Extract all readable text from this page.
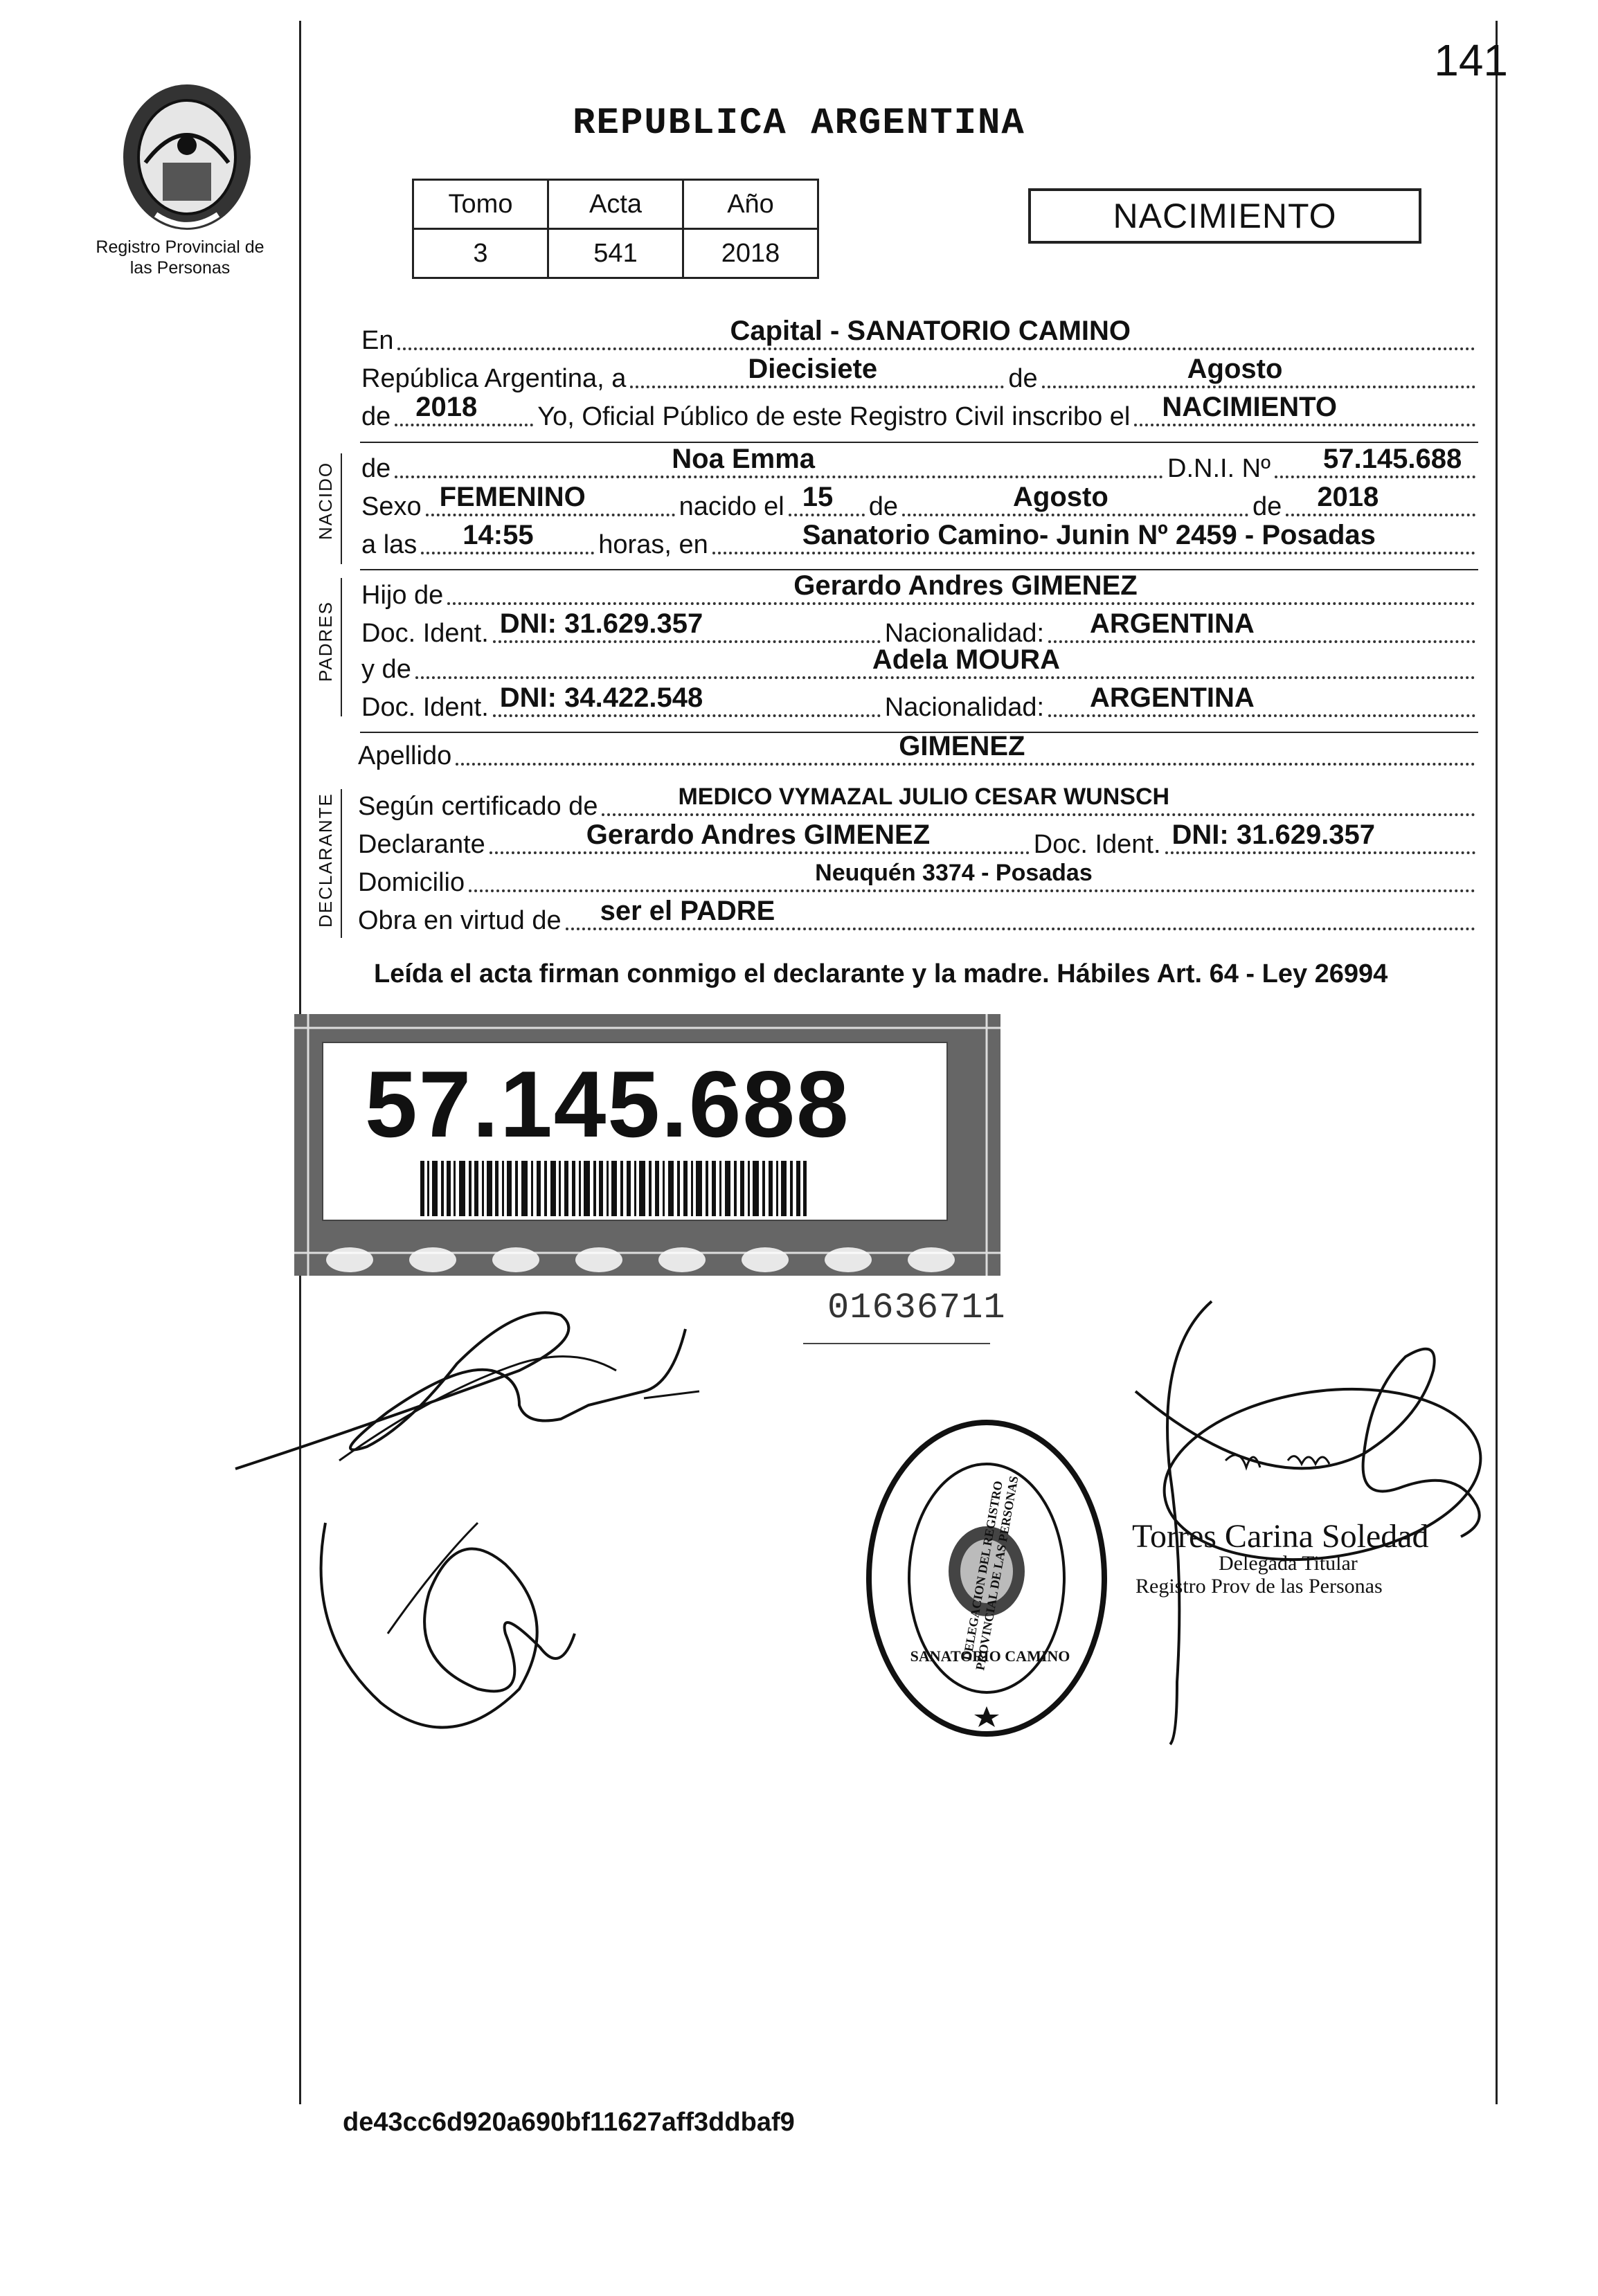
141
REPUBLICA ARGENTINA
Registro Provincial de las Personas
Tomo	Acta	Año
3	541	2018
NACIMIENTO
En	Capital - SANATORIO CAMINO
República Argentina, a	Diecisiete	de	Agosto
de 2018 Yo, Oficial Público de este Registro Civil inscribo el NACIMIENTO
NACIDO de	Noa Emma	D.N.I. Nº 57.145.688
Sexo FEMENINO	nacido el 15 de	Agosto	de 2018
a las 14:55 horas, en	Sanatorio Camino- Junin Nº 2459 - Posadas
PADRES
Hijo de	Gerardo Andres GIMENEZ
Doc. Ident. DNI: 31.629.357	Nacionalidad: ARGENTINA
y de	Adela MOURA
Doc. Ident. DNI: 34.422.548	Nacionalidad: ARGENTINA
Apellido	GIMENEZ
DECLARANTE Según certificado de	MEDICO VYMAZAL JULIO CESAR WUNSCH
Declarante	Gerardo Andres GIMENEZ	Doc. Ident. DNI: 31.629.357
Domicilio	Neuquén 3374 - Posadas
Obra en virtud de ser el PADRE
Leída el acta firman conmigo el declarante y la madre. Hábiles Art. 64 - Ley 26994
57.145.688
01636711
DELEGACION DEL REGISTRO PROVINCIAL DE LAS PERSONAS
SANATORIO CAMINO
Torres Carina Soledad
Delegada Titular
Registro Prov de las Personas
de43cc6d920a690bf11627aff3ddbaf9
